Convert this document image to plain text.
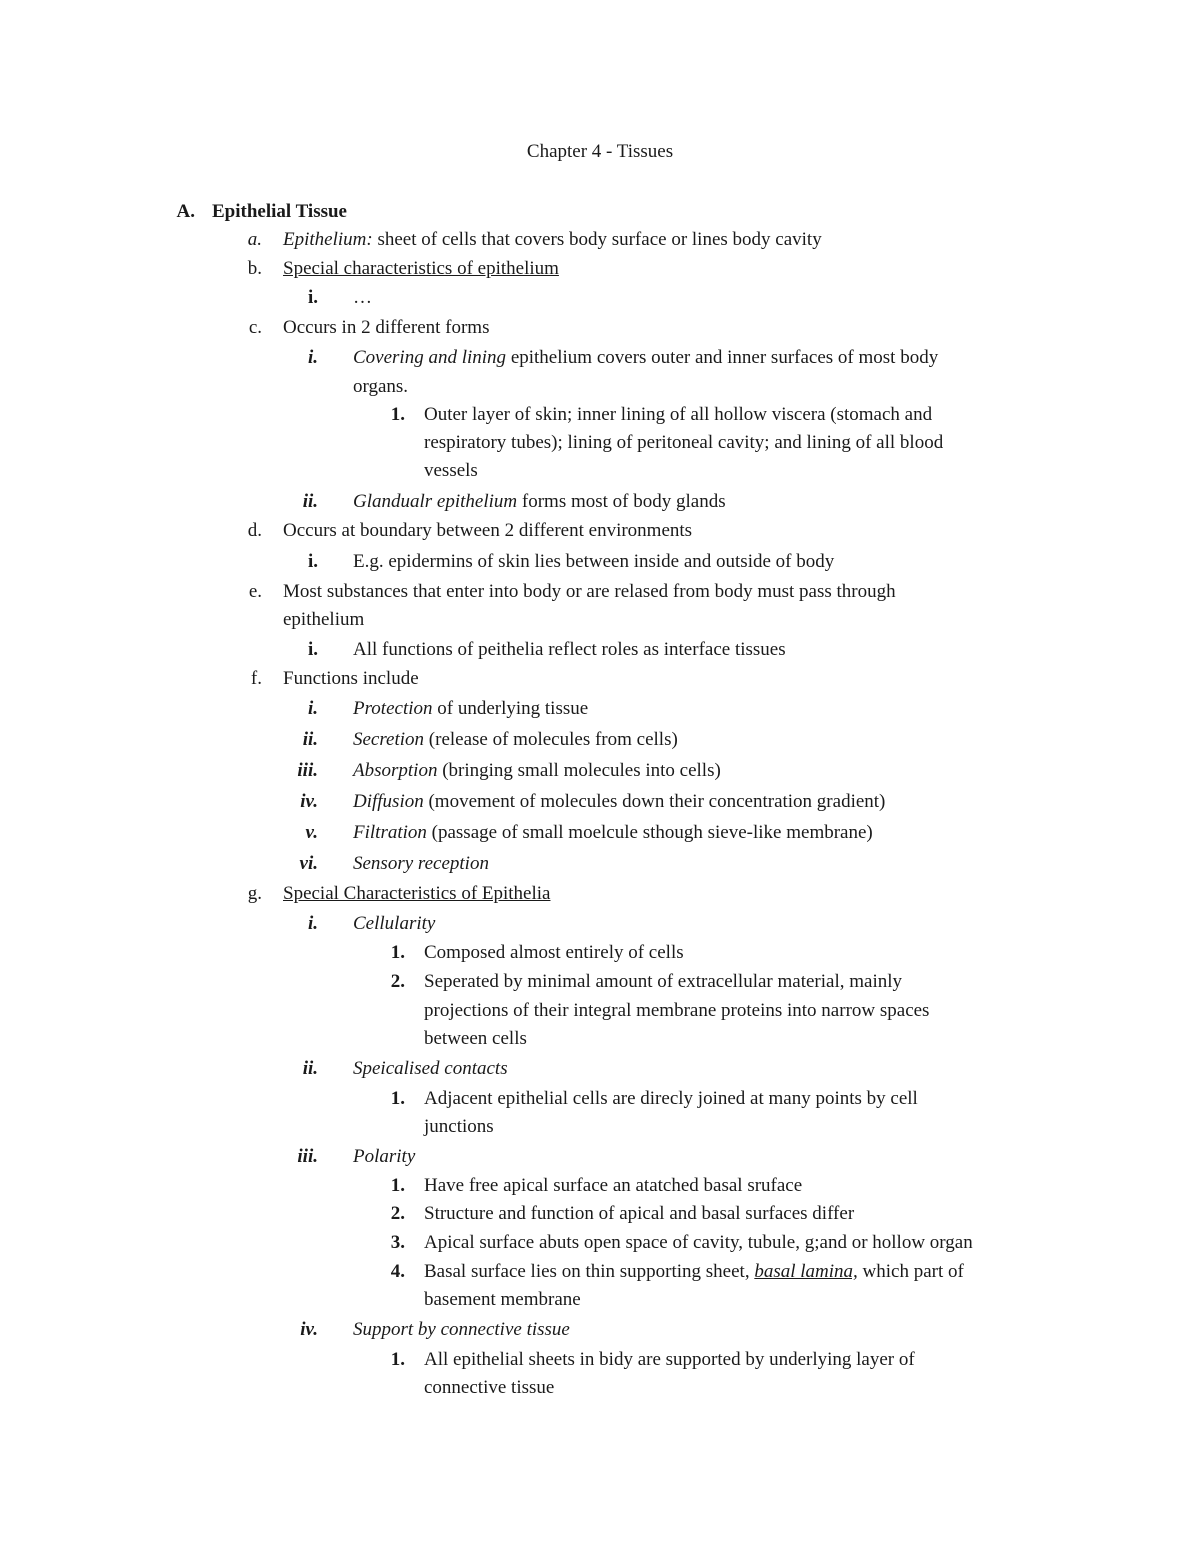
Chapter 4 - Tissues
A. Epithelial Tissue
a. Epithelium: sheet of cells that covers body surface or lines body cavity
b. Special characteristics of epithelium
i. …
c. Occurs in 2 different forms
i. Covering and lining epithelium covers outer and inner surfaces of most body
organs.
1. Outer layer of skin; inner lining of all hollow viscera (stomach and
respiratory tubes); lining of peritoneal cavity; and lining of all blood
vessels
ii. Glandualr epithelium forms most of body glands
d. Occurs at boundary between 2 different environments
i. E.g. epidermins of skin lies between inside and outside of body
e. Most substances that enter into body or are relased from body must pass through
epithelium
i. All functions of peithelia reflect roles as interface tissues
f. Functions include
i. Protection of underlying tissue
ii. Secretion (release of molecules from cells)
iii. Absorption (bringing small molecules into cells)
iv. Diffusion (movement of molecules down their concentration gradient)
v. Filtration (passage of small moelcule sthough sieve-like membrane)
vi. Sensory reception
g. Special Characteristics of Epithelia
i. Cellularity
1. Composed almost entirely of cells
2. Seperated by minimal amount of extracellular material, mainly
projections of their integral membrane proteins into narrow spaces
between cells
ii. Speicalised contacts
1. Adjacent epithelial cells are direcly joined at many points by cell
junctions
iii. Polarity
1. Have free apical surface an atatched basal sruface
2. Structure and function of apical and basal surfaces differ
3. Apical surface abuts open space of cavity, tubule, g;and or hollow organ
4. Basal surface lies on thin supporting sheet, basal lamina, which part of
basement membrane
iv. Support by connective tissue
1. All epithelial sheets in bidy are supported by underlying layer of
connective tissue
